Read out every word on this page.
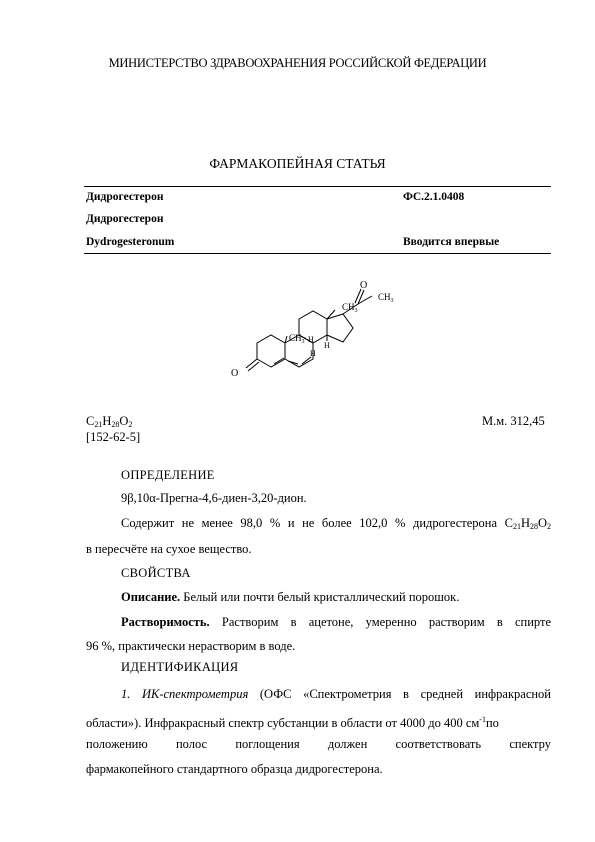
МИНИСТЕРСТВО ЗДРАВООХРАНЕНИЯ РОССИЙСКОЙ ФЕДЕРАЦИИ
ФАРМАКОПЕЙНАЯ СТАТЬЯ
Дидрогестерон	ФС.2.1.0408
Дидрогестерон
Dydrogesteronum	Вводится впервые
O
O
$CH_3$
$CH_3$
$CH_3$ H
H
H
$C_{21}H_{28}O_2$	М.м. 312,45
[152-62-5]
ОПРЕДЕЛЕНИЕ
9β,10α-Прегна-4,6-диен-3,20-дион.
Содержит не менее 98,0 % и не более 102,0 % дидрогестерона $C_{21}H_{28}O_2$
в пересчёте на сухое вещество.
СВОЙСТВА
Описание. Белый или почти белый кристаллический порошок.
Растворимость. Растворим в ацетоне, умеренно растворим в спирте
96 %, практически нерастворим в воде.
ИДЕНТИФИКАЦИЯ
1. ИК-спектрометрия (ОФС «Спектрометрия в средней инфракрасной
области»). Инфракрасный спектр субстанции в области от 4000 до 400 $см^{-1}по$
положению полос поглощения должен соответствовать спектру
фармакопейного стандартного образца дидрогестерона.
